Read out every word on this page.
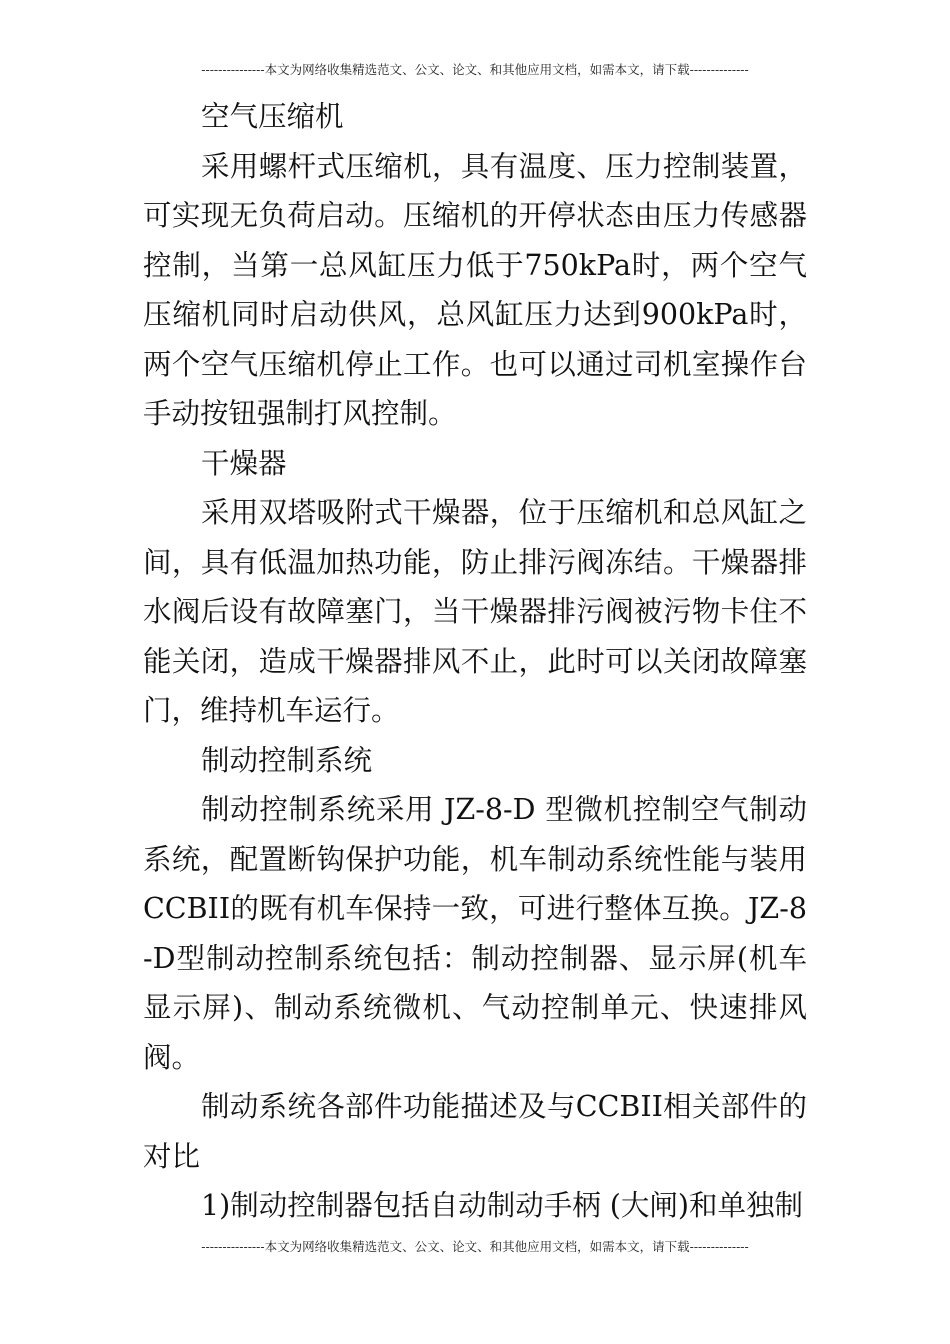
---------------本文为网络收集精选范文、公文、论文、和其他应用文档，如需本文，请下载--------------

空气压缩机

采用螺杆式压缩机，具有温度、压力控制装置，可实现无负荷启动。压缩机的开停状态由压力传感器控制，当第一总风缸压力低于750kPa时，两个空气压缩机同时启动供风，总风缸压力达到900kPa时，两个空气压缩机停止工作。也可以通过司机室操作台手动按钮强制打风控制。

干燥器

采用双塔吸附式干燥器，位于压缩机和总风缸之间，具有低温加热功能，防止排污阀冻结。干燥器排水阀后设有故障塞门，当干燥器排污阀被污物卡住不能关闭，造成干燥器排风不止，此时可以关闭故障塞门，维持机车运行。

制动控制系统

制动控制系统采用 JZ-8-D 型微机控制空气制动系统，配置断钩保护功能，机车制动系统性能与装用CCBII的既有机车保持一致，可进行整体互换。JZ-8-D型制动控制系统包括：制动控制器、显示屏(机车显示屏)、制动系统微机、气动控制单元、快速排风阀。

制动系统各部件功能描述及与CCBII相关部件的对比

1)制动控制器包括自动制动手柄 (大闸)和单独制

---------------本文为网络收集精选范文、公文、论文、和其他应用文档，如需本文，请下载--------------
